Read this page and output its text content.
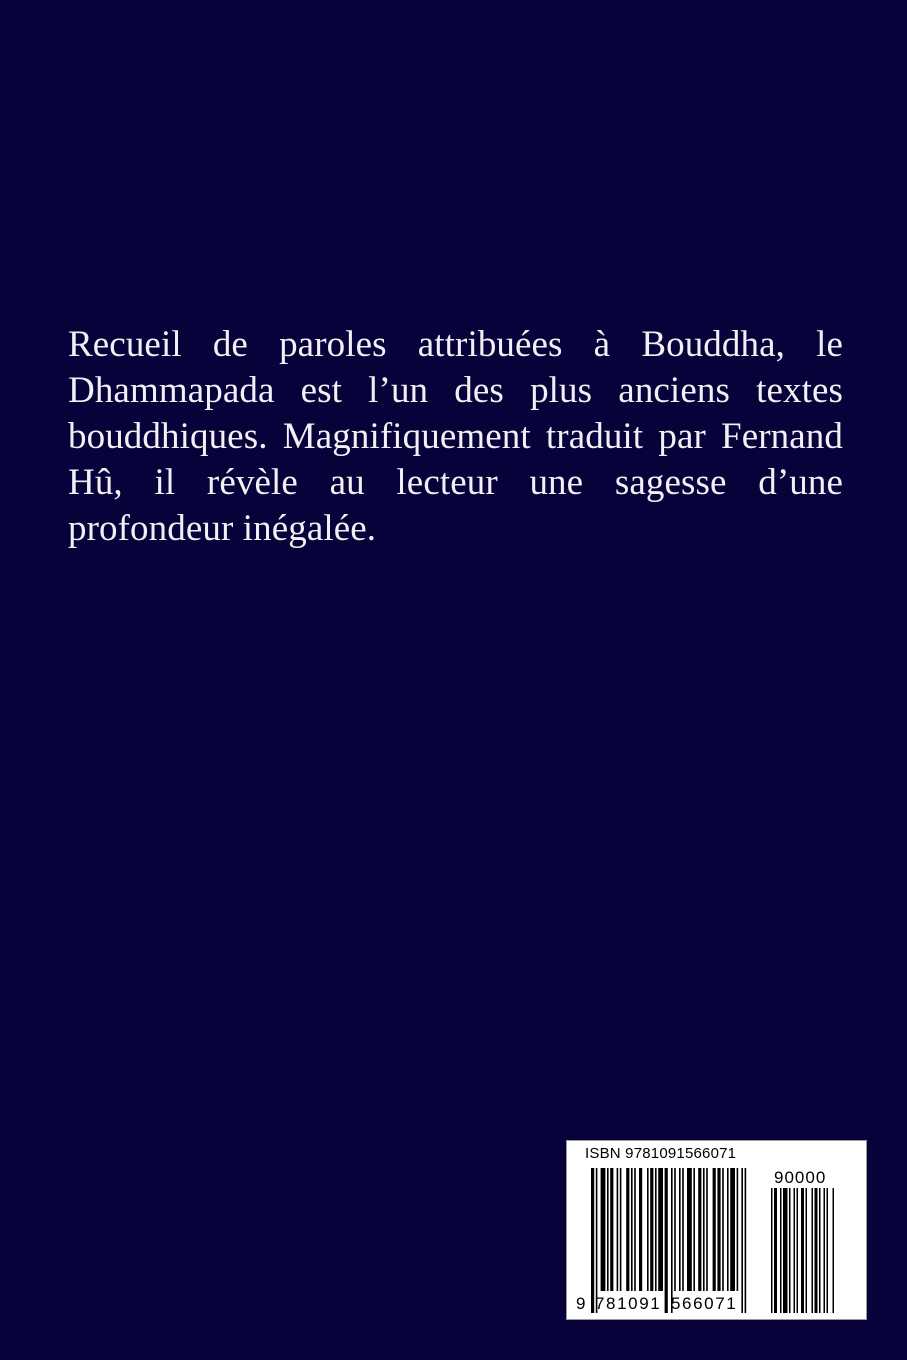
Recueil de paroles attribuées à Bouddha, le Dhammapada est l’un des plus anciens textes bouddhiques. Magnifiquement traduit par Fernand Hû, il révèle au lecteur une sagesse d’une profondeur inégalée.
ISBN 9781091566071
90000
9 781091 566071
